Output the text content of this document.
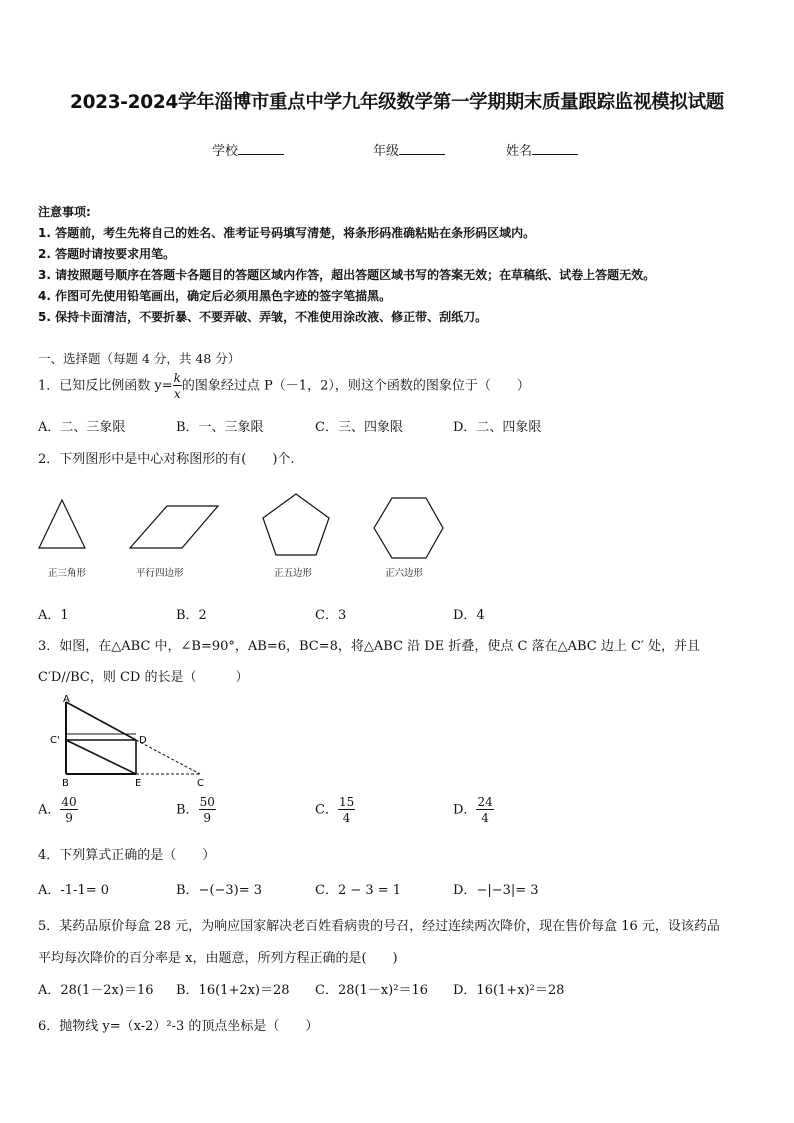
2023-2024学年淄博市重点中学九年级数学第一学期期末质量跟踪监视模拟试题
学校	年级	姓名
注意事项:
1. 答题前，考生先将自己的姓名、准考证号码填写清楚，将条形码准确粘贴在条形码区域内。
2. 答题时请按要求用笔。
3. 请按照题号顺序在答题卡各题目的答题区域内作答，超出答题区域书写的答案无效；在草稿纸、试卷上答题无效。
4. 作图可先使用铅笔画出，确定后必须用黑色字迹的签字笔描黑。
5. 保持卡面清洁，不要折暴、不要弄破、弄皱，不准使用涂改液、修正带、刮纸刀。
一、选择题（每题 4 分，共 48 分）
1．已知反比例函数 $y= \frac{k}{x}$ 的图象经过点 P（－1，2），则这个函数的图象位于（　　）
A．二、三象限	B．一、三象限	C．三、四象限	D．二、四象限
2．下列图形中是中心对称图形的有(　　)个.
正三角形	平行四边形	正五边形	正六边形
A．1	B．2	C．3	D．4
3．如图，在△ABC 中，∠B=90°，AB=6，BC=8，将△ABC 沿 DE 折叠，使点 C 落在△ABC 边上 C′ 处，并且
C′D//BC，则 CD 的长是（　　　）
A
C'	D
B	E	C
A． $\frac{40}{9}$	B． $\frac{50}{9}$	C． $\frac{15}{4}$	D． $\frac{24}{4}$
4．下列算式正确的是（　　）
A．-1-1= 0	B．−(−3)= 3	C．2 − 3 = 1	D．−|−3|= 3
5．某药品原价每盒 28 元，为响应国家解决老百姓看病贵的号召，经过连续两次降价，现在售价每盒 16 元，设该药品
平均每次降价的百分率是 x，由题意，所列方程正确的是(　　)
A．28(1－2x)＝16 B．16(1+2x)＝28 C．28(1－x)²＝16 D．16(1+x)²＝28
6．抛物线 y=（x-2）²-3 的顶点坐标是（　　）
